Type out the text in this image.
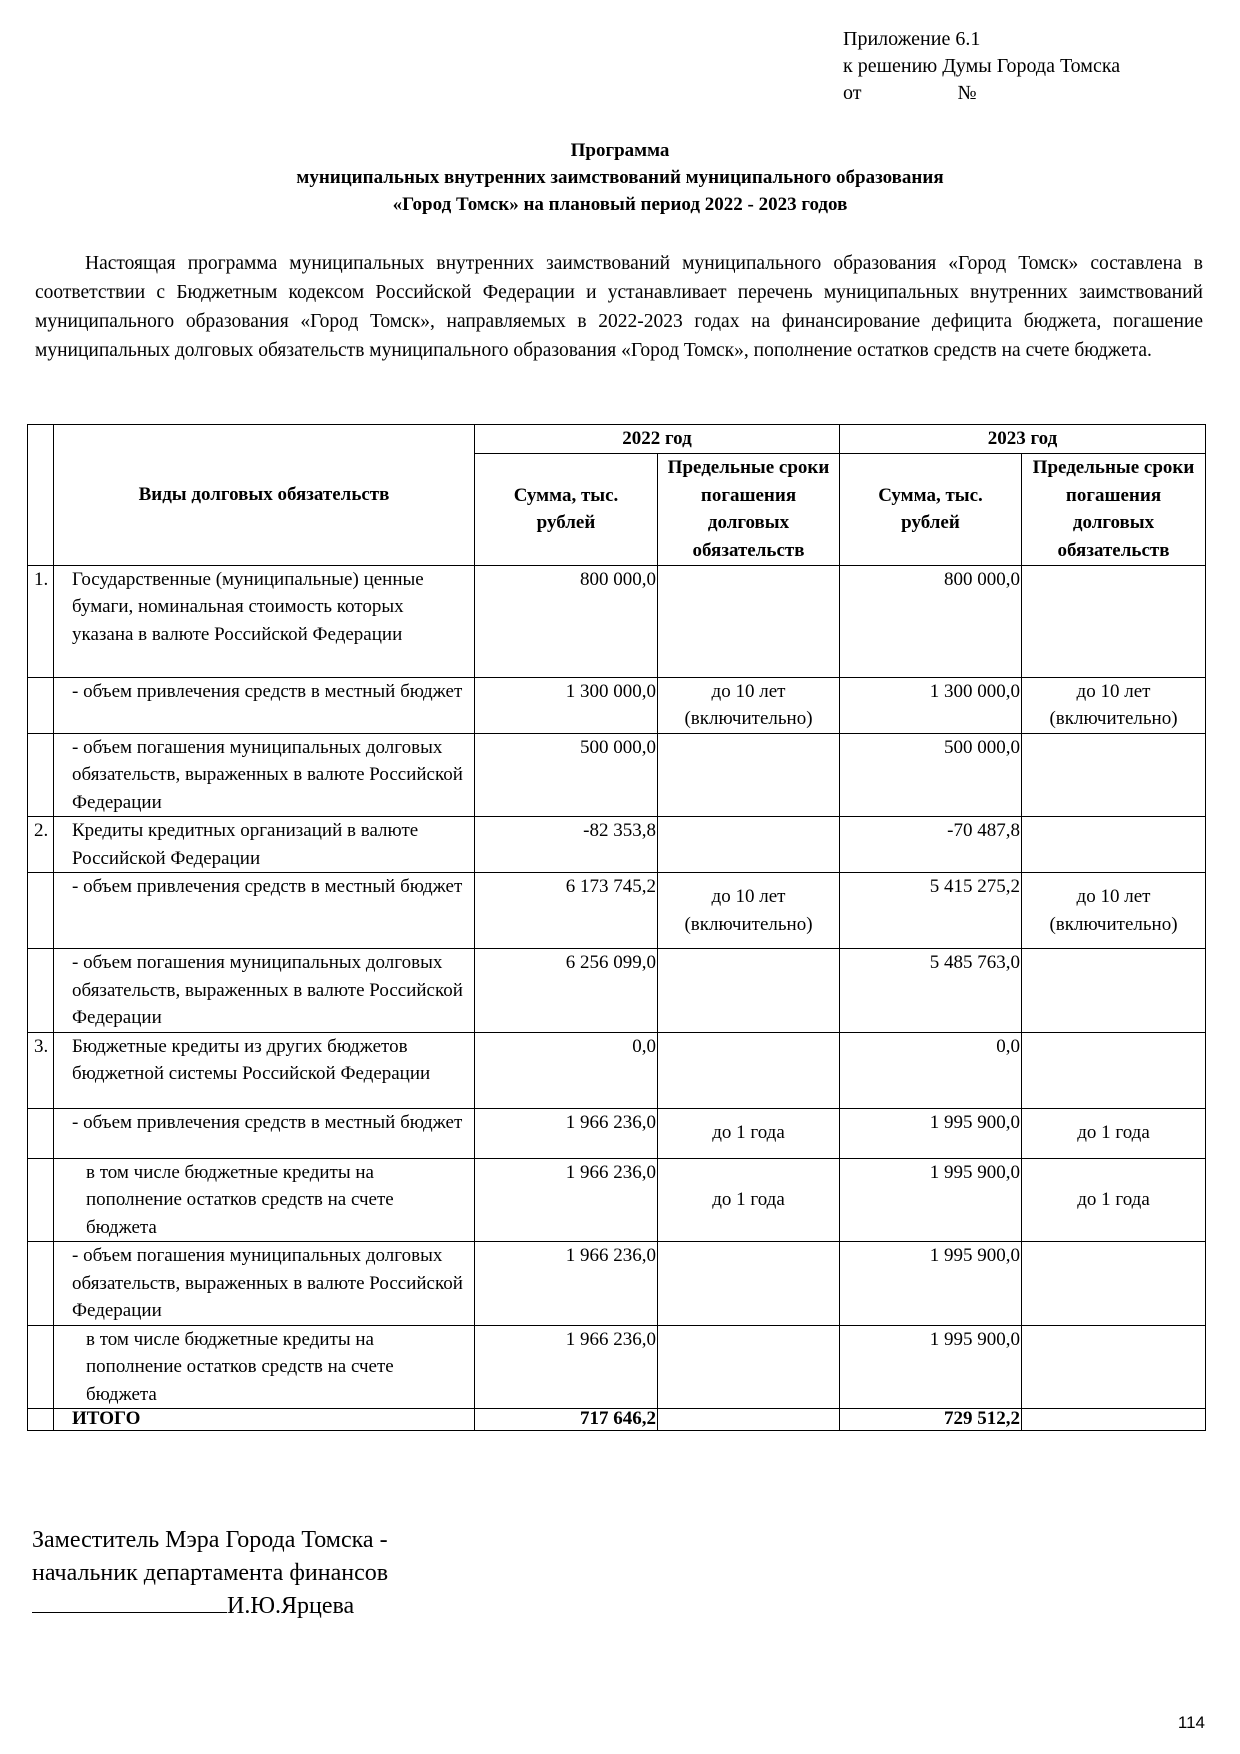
Приложение 6.1
к решению Думы Города Томска
от	№
Программа
муниципальных внутренних заимствований муниципального образования
«Город Томск» на плановый период 2022 - 2023 годов
Настоящая программа муниципальных внутренних заимствований муниципального образования «Город Томск» составлена в соответствии с Бюджетным кодексом Российской Федерации и устанавливает перечень муниципальных внутренних заимствований муниципального образования «Город Томск», направляемых в 2022-2023 годах на финансирование дефицита бюджета, погашение муниципальных долговых обязательств муниципального образования «Город Томск», пополнение остатков средств на счете бюджета.
	Виды долговых обязательств	2022 год		2023 год	
		Сумма, тыс. рублей	Предельные сроки погашения долговых обязательств	Сумма, тыс. рублей	Предельные сроки погашения долговых обязательств
1.	Государственные (муниципальные) ценные бумаги, номинальная стоимость которых указана в валюте Российской Федерации	800 000,0		800 000,0	
	- объем привлечения средств в местный бюджет	1 300 000,0	до 10 лет (включительно)	1 300 000,0	до 10 лет (включительно)
	- объем погашения муниципальных долговых обязательств, выраженных в валюте Российской Федерации	500 000,0		500 000,0	
2.	Кредиты кредитных организаций в валюте Российской Федерации	-82 353,8		-70 487,8	
	- объем привлечения средств в местный бюджет	6 173 745,2	до 10 лет (включительно)	5 415 275,2	до 10 лет (включительно)
	- объем погашения муниципальных долговых обязательств, выраженных в валюте Российской Федерации	6 256 099,0		5 485 763,0	
3.	Бюджетные кредиты из других бюджетов бюджетной системы Российской Федерации	0,0		0,0	
	- объем привлечения средств в местный бюджет	1 966 236,0	до 1 года	1 995 900,0	до 1 года
	в том числе бюджетные кредиты на пополнение остатков средств на счете бюджета	1 966 236,0	до 1 года	1 995 900,0	до 1 года
	- объем погашения муниципальных долговых обязательств, выраженных в валюте Российской Федерации	1 966 236,0		1 995 900,0	
	в том числе бюджетные кредиты на пополнение остатков средств на счете бюджета	1 966 236,0		1 995 900,0	
	ИТОГО	717 646,2		729 512,2	
Заместитель Мэра Города Томска -
начальник департамента финансов
И.Ю.Ярцева
114
